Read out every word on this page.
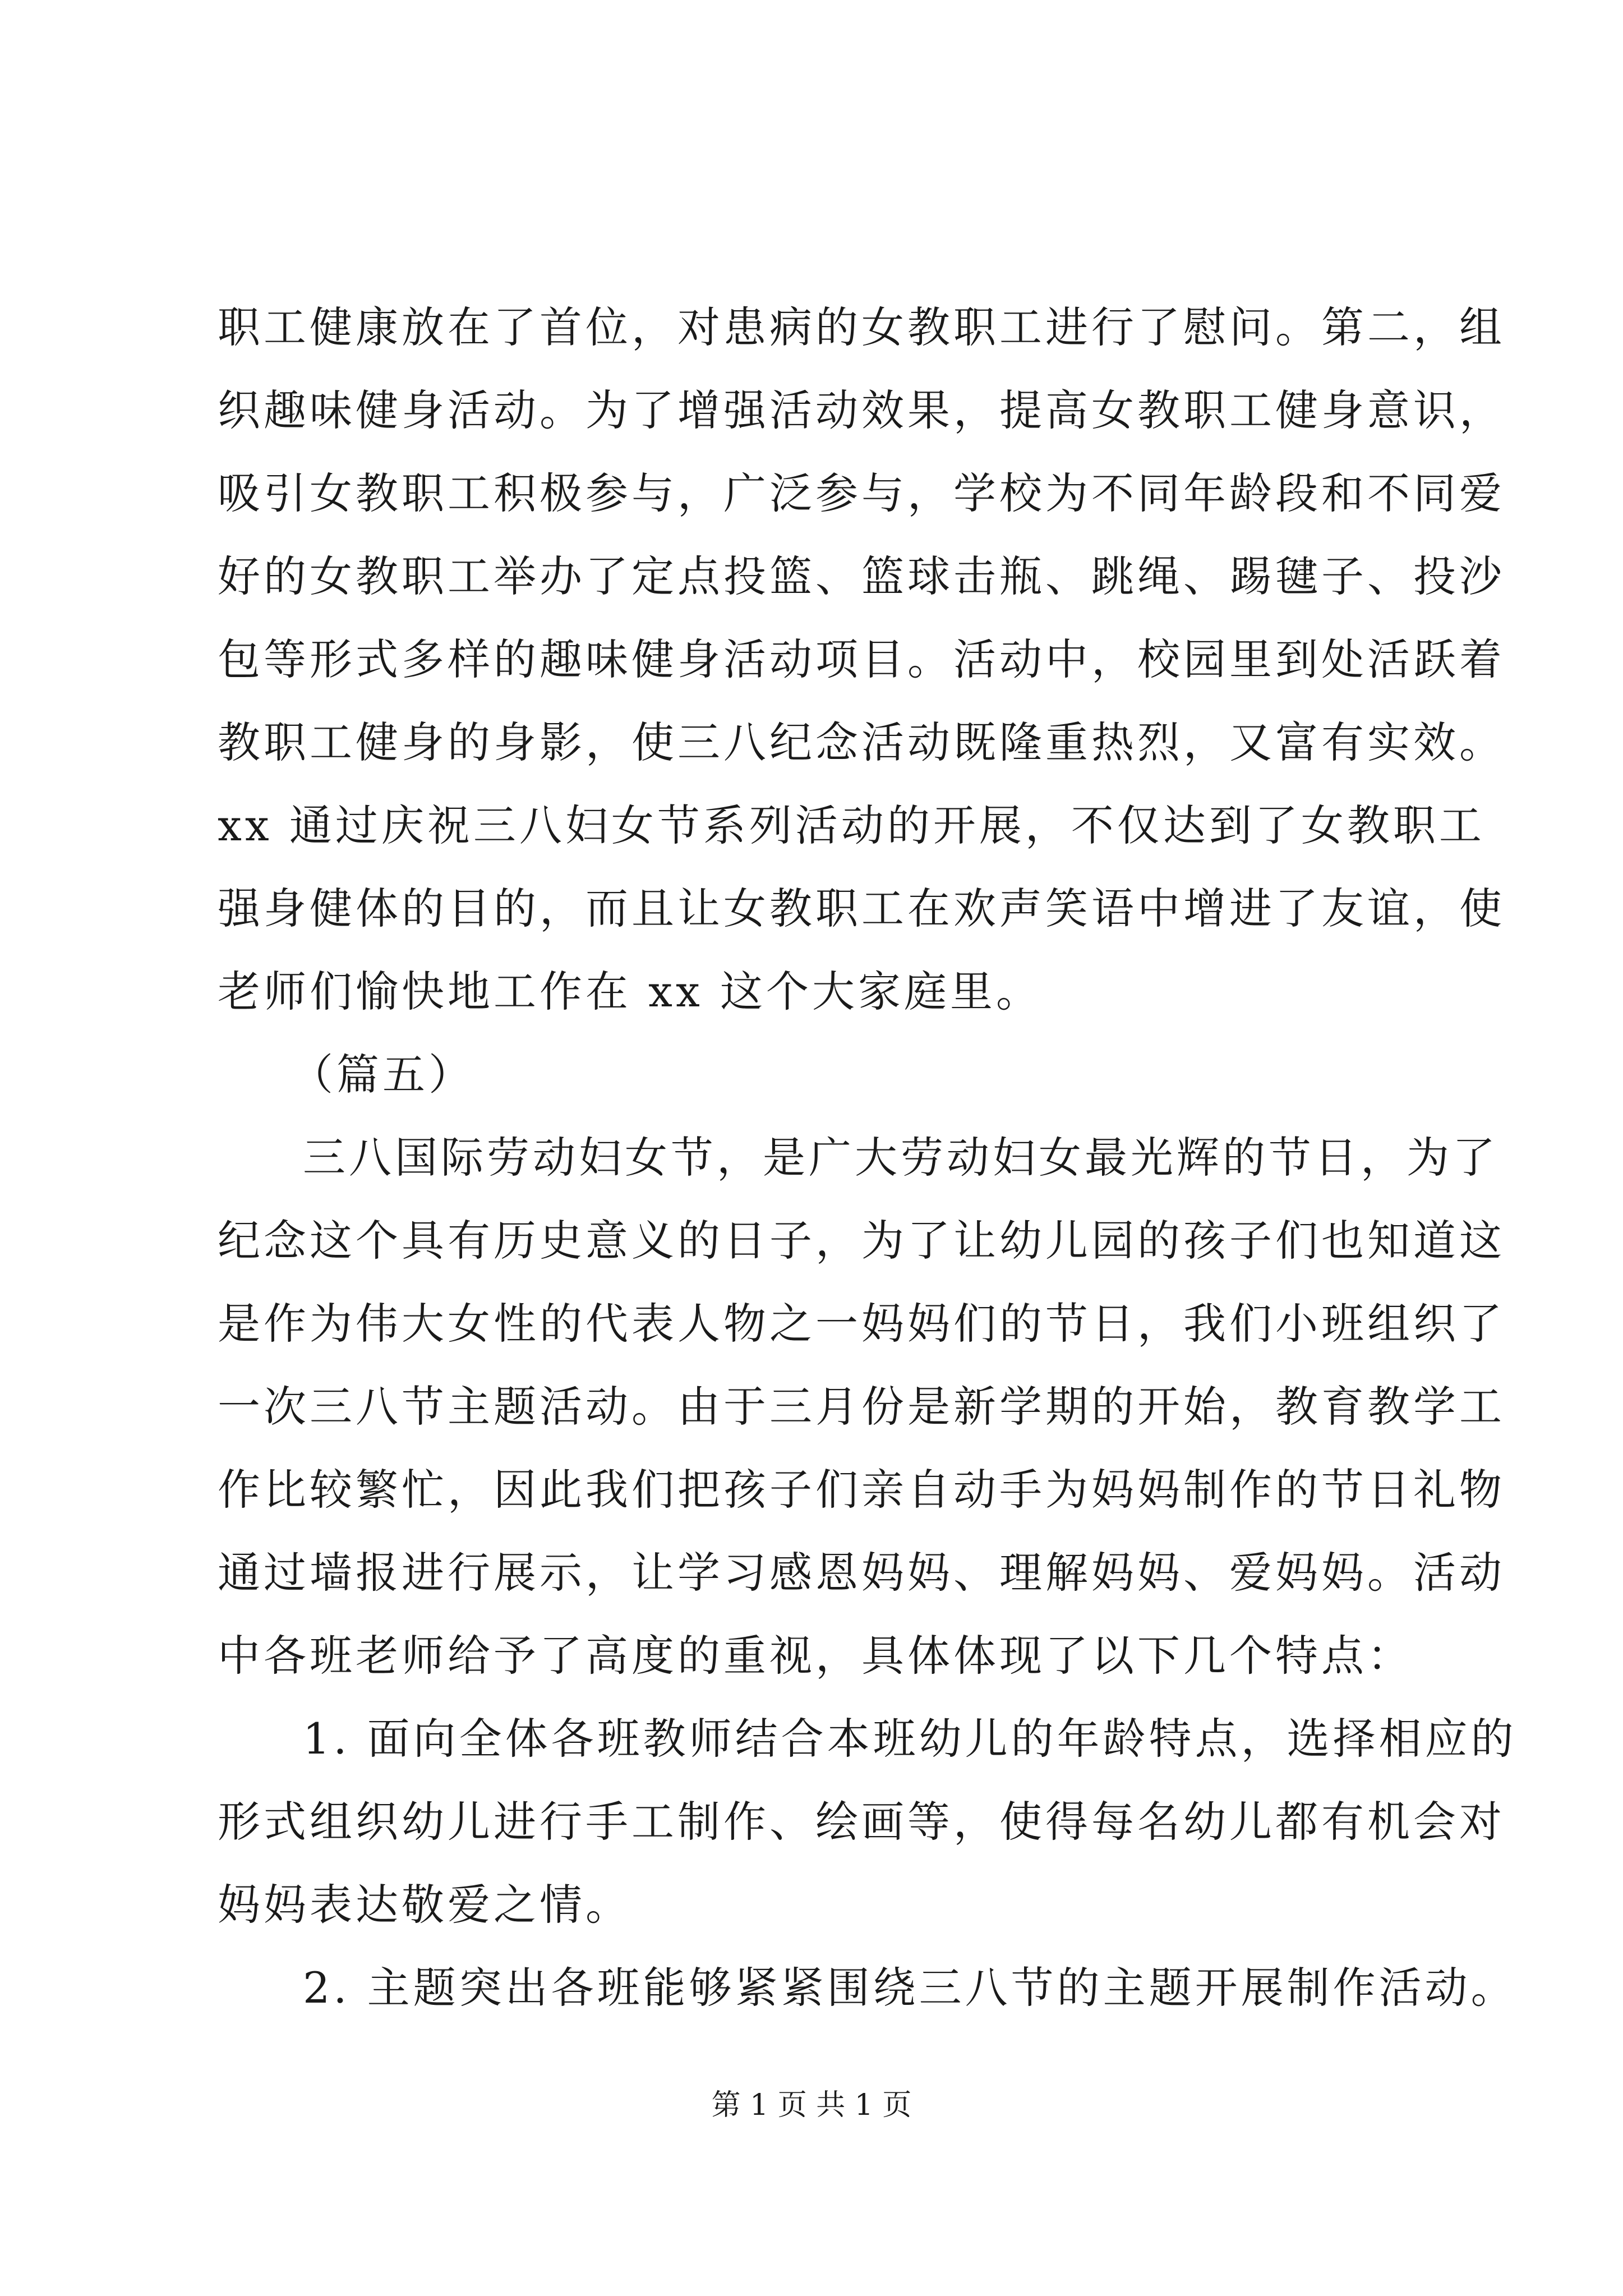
职工健康放在了首位，对患病的女教职工进行了慰问。第二，组
织趣味健身活动。为了增强活动效果，提高女教职工健身意识，
吸引女教职工积极参与，广泛参与，学校为不同年龄段和不同爱
好的女教职工举办了定点投篮、篮球击瓶、跳绳、踢毽子、投沙
包等形式多样的趣味健身活动项目。活动中，校园里到处活跃着
教职工健身的身影，使三八纪念活动既隆重热烈，又富有实效。
xx 通过庆祝三八妇女节系列活动的开展，不仅达到了女教职工
强身健体的目的，而且让女教职工在欢声笑语中增进了友谊，使
老师们愉快地工作在 xx 这个大家庭里。
（篇五）
三八国际劳动妇女节，是广大劳动妇女最光辉的节日，为了
纪念这个具有历史意义的日子，为了让幼儿园的孩子们也知道这
是作为伟大女性的代表人物之一妈妈们的节日，我们小班组织了
一次三八节主题活动。由于三月份是新学期的开始，教育教学工
作比较繁忙，因此我们把孩子们亲自动手为妈妈制作的节日礼物
通过墙报进行展示，让学习感恩妈妈、理解妈妈、爱妈妈。活动
中各班老师给予了高度的重视，具体体现了以下几个特点：
1. 面向全体各班教师结合本班幼儿的年龄特点，选择相应的
形式组织幼儿进行手工制作、绘画等，使得每名幼儿都有机会对
妈妈表达敬爱之情。
2. 主题突出各班能够紧紧围绕三八节的主题开展制作活动。
第 1 页 共 1 页
